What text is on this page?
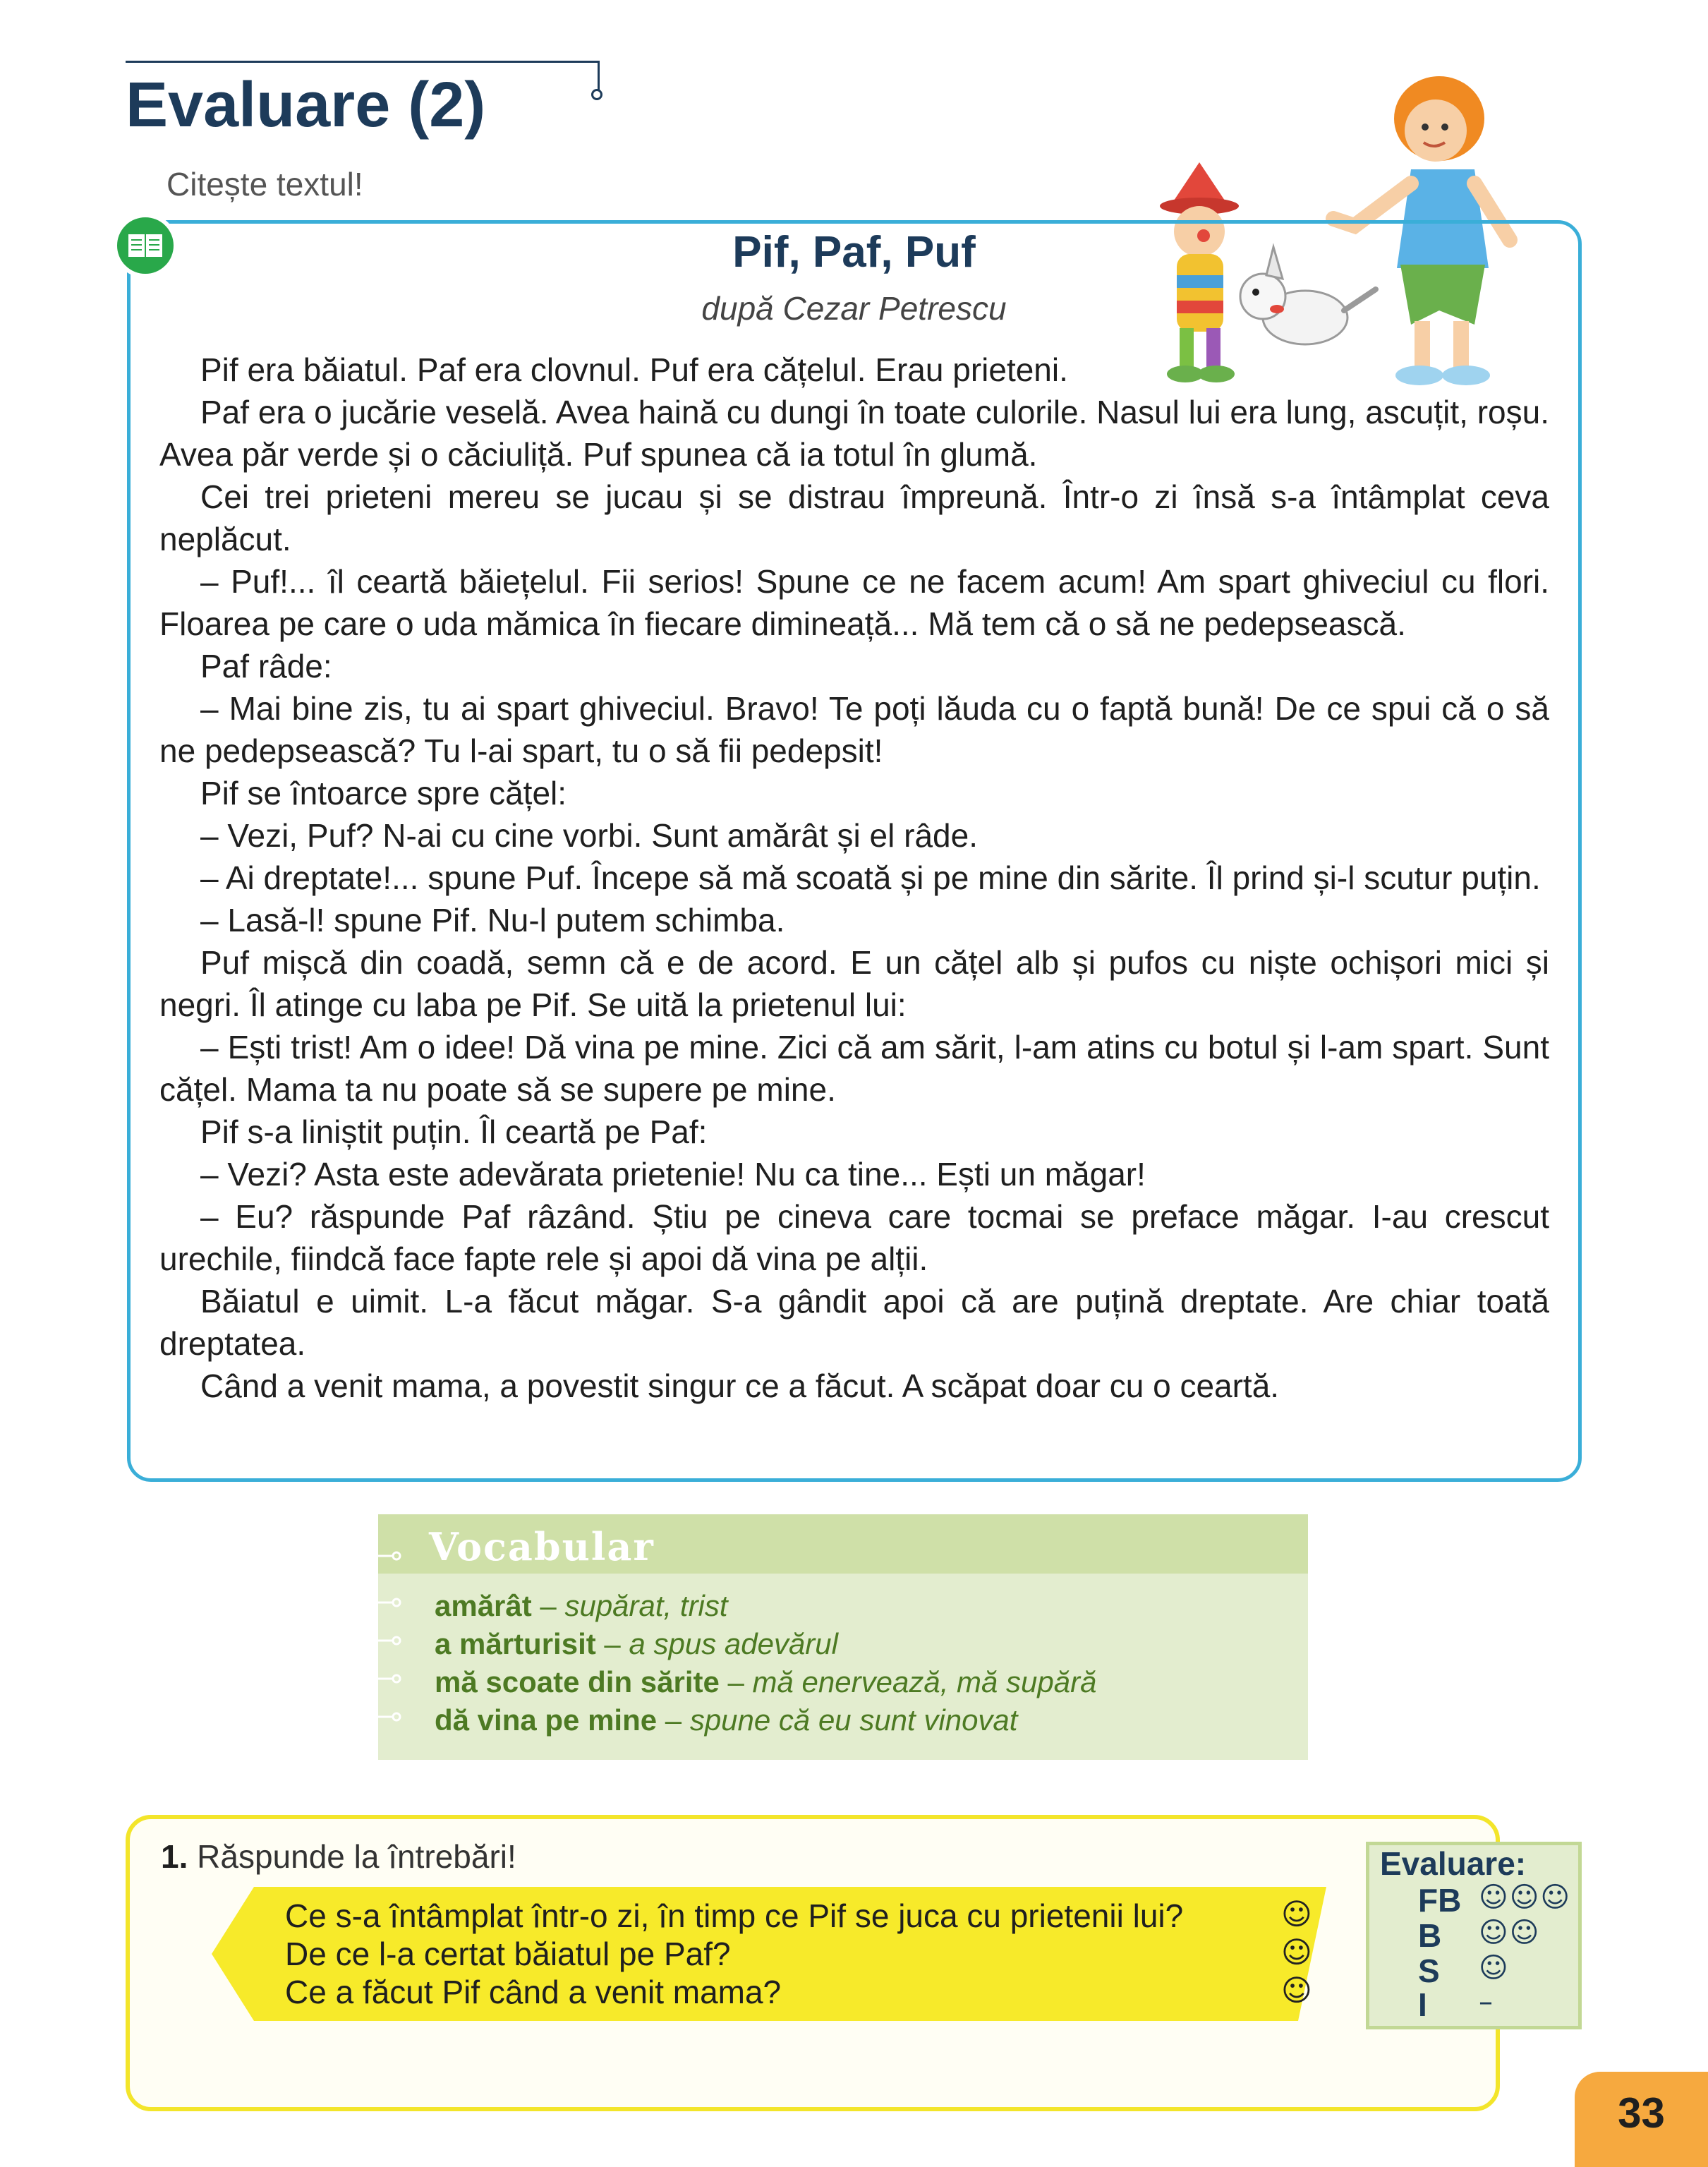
Evaluare (2)
Citește textul!
Pif, Paf, Puf
după Cezar Petrescu

Pif era băiatul. Paf era clovnul. Puf era cățelul. Erau prieteni.

Paf era o jucărie veselă. Avea haină cu dungi în toate culorile. Nasul lui era lung, ascuțit, roșu. Avea păr verde și o căciuliță. Puf spunea că ia totul în glumă.

Cei trei prieteni mereu se jucau și se distrau împreună. Într-o zi însă s-a întâmplat ceva neplăcut.

– Puf!... îl ceartă băiețelul. Fii serios! Spune ce ne facem acum! Am spart ghiveciul cu flori. Floarea pe care o uda mămica în fiecare dimineață... Mă tem că o să ne pedepsească.

Paf râde:

– Mai bine zis, tu ai spart ghiveciul. Bravo! Te poți lăuda cu o faptă bună! De ce spui că o să ne pedepsească? Tu l-ai spart, tu o să fii pedepsit!

Pif se întoarce spre cățel:

– Vezi, Puf? N-ai cu cine vorbi. Sunt amărât și el râde.

– Ai dreptate!... spune Puf. Începe să mă scoată și pe mine din sărite. Îl prind și-l scutur puțin.

– Lasă-l! spune Pif. Nu-l putem schimba.

Puf mișcă din coadă, semn că e de acord. E un cățel alb și pufos cu niște ochișori mici și negri. Îl atinge cu laba pe Pif. Se uită la prietenul lui:

– Ești trist! Am o idee! Dă vina pe mine. Zici că am sărit, l-am atins cu botul și l-am spart. Sunt cățel. Mama ta nu poate să se supere pe mine.

Pif s-a liniștit puțin. Îl ceartă pe Paf:

– Vezi? Asta este adevărata prietenie! Nu ca tine... Ești un măgar!

– Eu? răspunde Paf râzând. Știu pe cineva care tocmai se preface măgar. I-au crescut urechile, fiindcă face fapte rele și apoi dă vina pe alții.

Băiatul e uimit. L-a făcut măgar. S-a gândit apoi că are puțină dreptate. Are chiar toată dreptatea.

Când a venit mama, a povestit singur ce a făcut. A scăpat doar cu o ceartă.

Vocabular
amărât – supărat, trist
a mărturisit – a spus adevărul
mă scoate din sărite – mă enervează, mă supără
dă vina pe mine – spune că eu sunt vinovat
1. Răspunde la întrebări!
Ce s-a întâmplat într-o zi, în timp ce Pif se juca cu prietenii lui?	☺
De ce l-a certat băiatul pe Paf?	☺
Ce a făcut Pif când a venit mama?	☺
Evaluare:
FB ☺☺☺
B ☺☺
S ☺
I –
33
